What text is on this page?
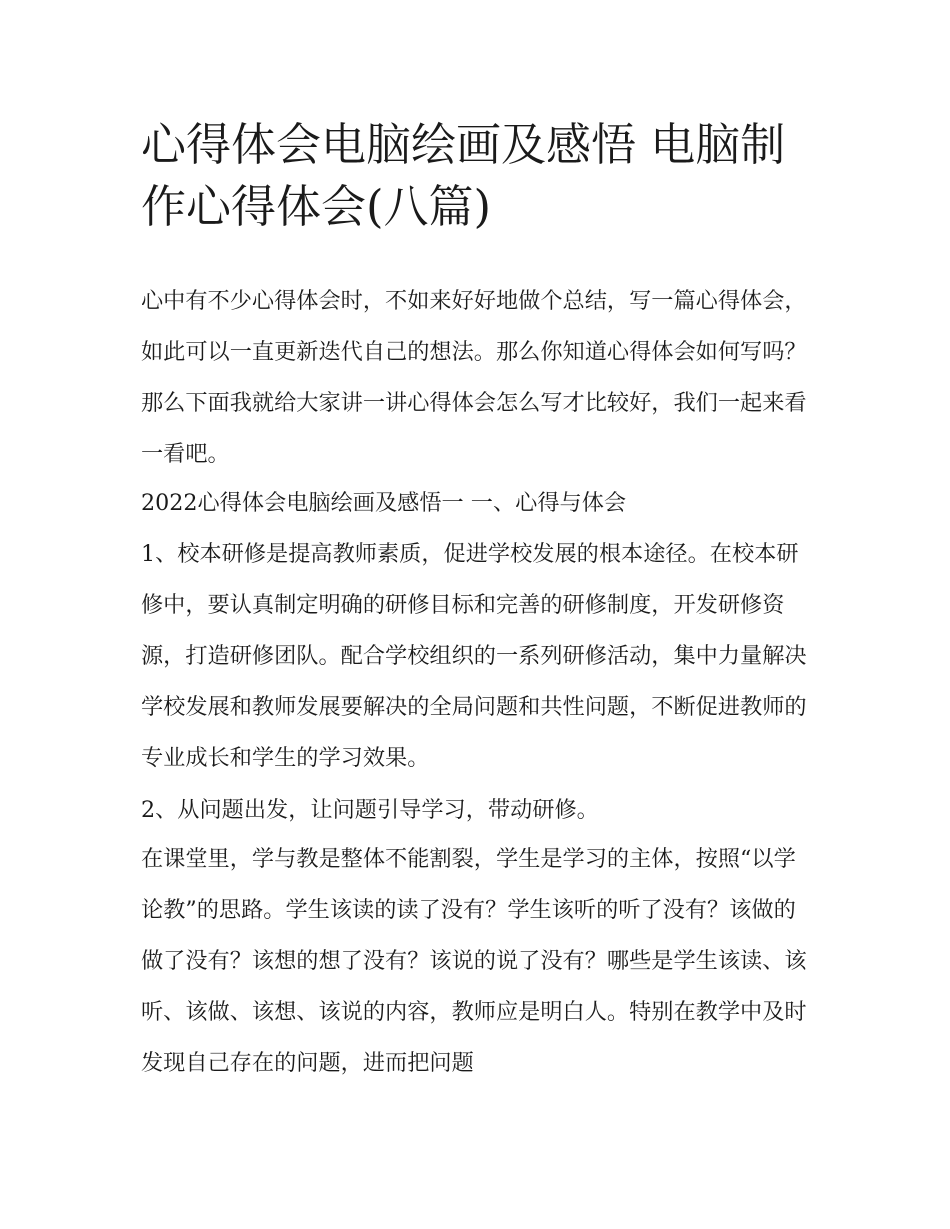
心得体会电脑绘画及感悟 电脑制作心得体会(八篇)

心中有不少心得体会时，不如来好好地做个总结，写一篇心得体会，如此可以一直更新迭代自己的想法。那么你知道心得体会如何写吗？那么下面我就给大家讲一讲心得体会怎么写才比较好，我们一起来看一看吧。

2022心得体会电脑绘画及感悟一 一、心得与体会

1、校本研修是提高教师素质，促进学校发展的根本途径。在校本研修中，要认真制定明确的研修目标和完善的研修制度，开发研修资源，打造研修团队。配合学校组织的一系列研修活动，集中力量解决学校发展和教师发展要解决的全局问题和共性问题，不断促进教师的专业成长和学生的学习效果。

2、从问题出发，让问题引导学习，带动研修。

在课堂里，学与教是整体不能割裂，学生是学习的主体，按照“以学论教”的思路。学生该读的读了没有？学生该听的听了没有？该做的做了没有？该想的想了没有？该说的说了没有？哪些是学生该读、该听、该做、该想、该说的内容，教师应是明白人。特别在教学中及时发现自己存在的问题，进而把问题
